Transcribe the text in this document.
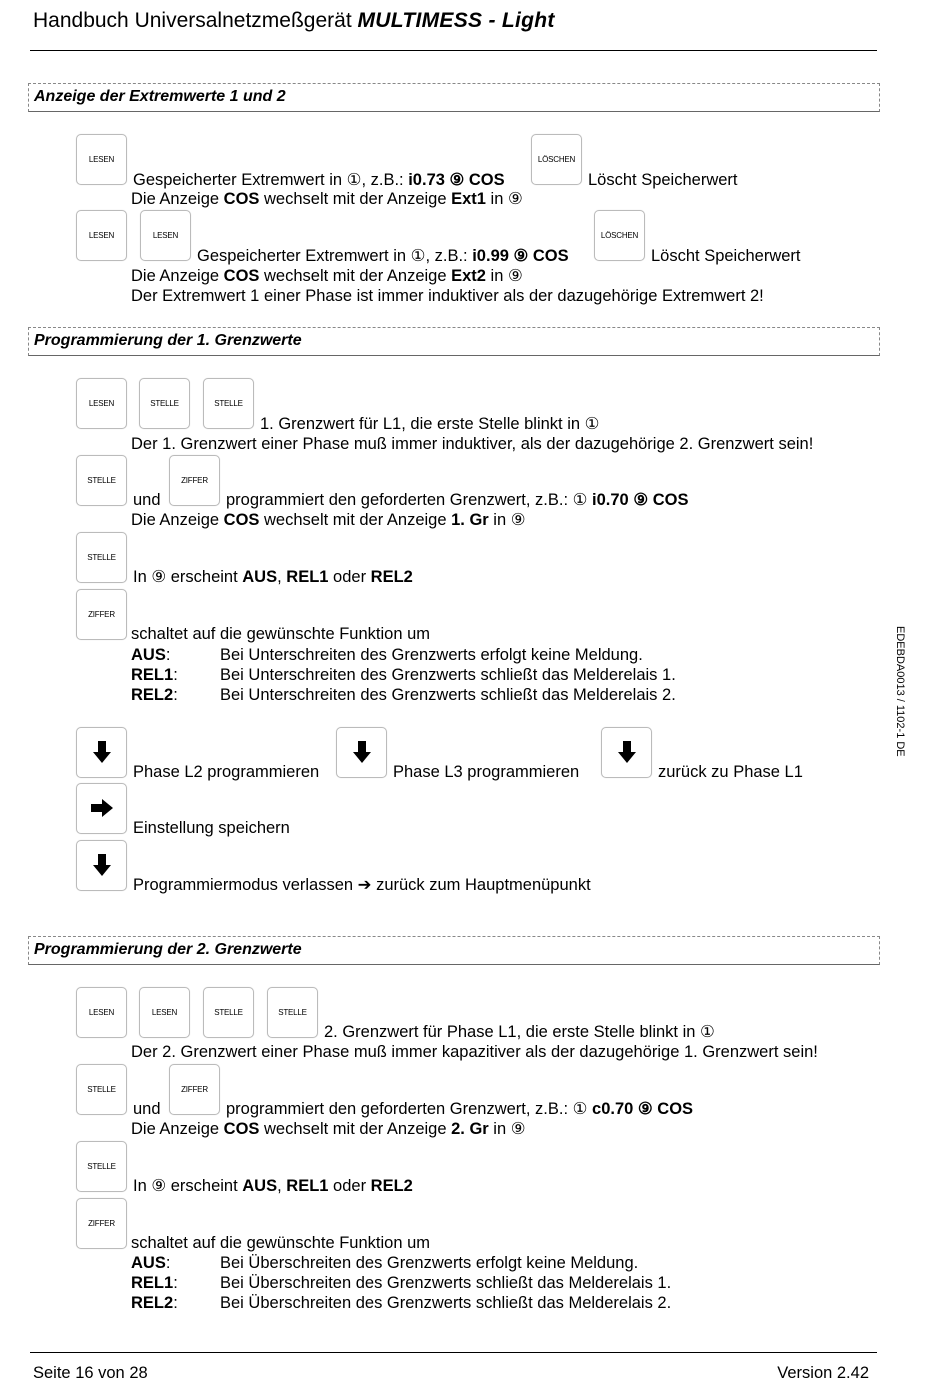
Handbuch Universalnetzmeßgerät MULTIMESS - Light
Anzeige der Extremwerte 1 und 2
LESEN
Gespeicherter Extremwert in ①, z.B.: i0.73 ⑨ COS
LÖSCHEN
Löscht Speicherwert
Die Anzeige COS wechselt mit der Anzeige Ext1 in ⑨
LESEN	LESEN
Gespeicherter Extremwert in ①, z.B.: i0.99 ⑨ COS
LÖSCHEN
Löscht Speicherwert
Die Anzeige COS wechselt mit der Anzeige Ext2 in ⑨
Der Extremwert 1 einer Phase ist immer induktiver als der dazugehörige Extremwert 2!
Programmierung der 1. Grenzwerte
LESEN	STELLE	STELLE
1. Grenzwert für L1, die erste Stelle blinkt in ①
Der 1. Grenzwert einer Phase muß immer induktiver, als der dazugehörige 2. Grenzwert sein!
STELLE
und
ZIFFER
programmiert den geforderten Grenzwert, z.B.: ① i0.70 ⑨ COS
Die Anzeige COS wechselt mit der Anzeige 1. Gr in ⑨
STELLE
In ⑨ erscheint AUS, REL1 oder REL2
ZIFFER
schaltet auf die gewünschte Funktion um
AUS:	Bei Unterschreiten des Grenzwerts erfolgt keine Meldung.
REL1:	Bei Unterschreiten des Grenzwerts schließt das Melderelais 1.
REL2:	Bei Unterschreiten des Grenzwerts schließt das Melderelais 2.
Phase L2 programmieren	Phase L3 programmieren	zurück zu Phase L1
Einstellung speichern
Programmiermodus verlassen ➔ zurück zum Hauptmenüpunkt
Programmierung der 2. Grenzwerte
LESEN	LESEN	STELLE	STELLE
2. Grenzwert für Phase L1, die erste Stelle blinkt in ①
Der 2. Grenzwert einer Phase muß immer kapazitiver als der dazugehörige 1. Grenzwert sein!
STELLE
und
ZIFFER
programmiert den geforderten Grenzwert, z.B.: ① c0.70 ⑨ COS
Die Anzeige COS wechselt mit der Anzeige 2. Gr in ⑨
STELLE
In ⑨ erscheint AUS, REL1 oder REL2
ZIFFER
schaltet auf die gewünschte Funktion um
AUS:	Bei Überschreiten des Grenzwerts erfolgt keine Meldung.
REL1:	Bei Überschreiten des Grenzwerts schließt das Melderelais 1.
REL2:	Bei Überschreiten des Grenzwerts schließt das Melderelais 2.
EDEBDA0013 / 1102-1 DE
Seite 16 von 28	Version 2.42
